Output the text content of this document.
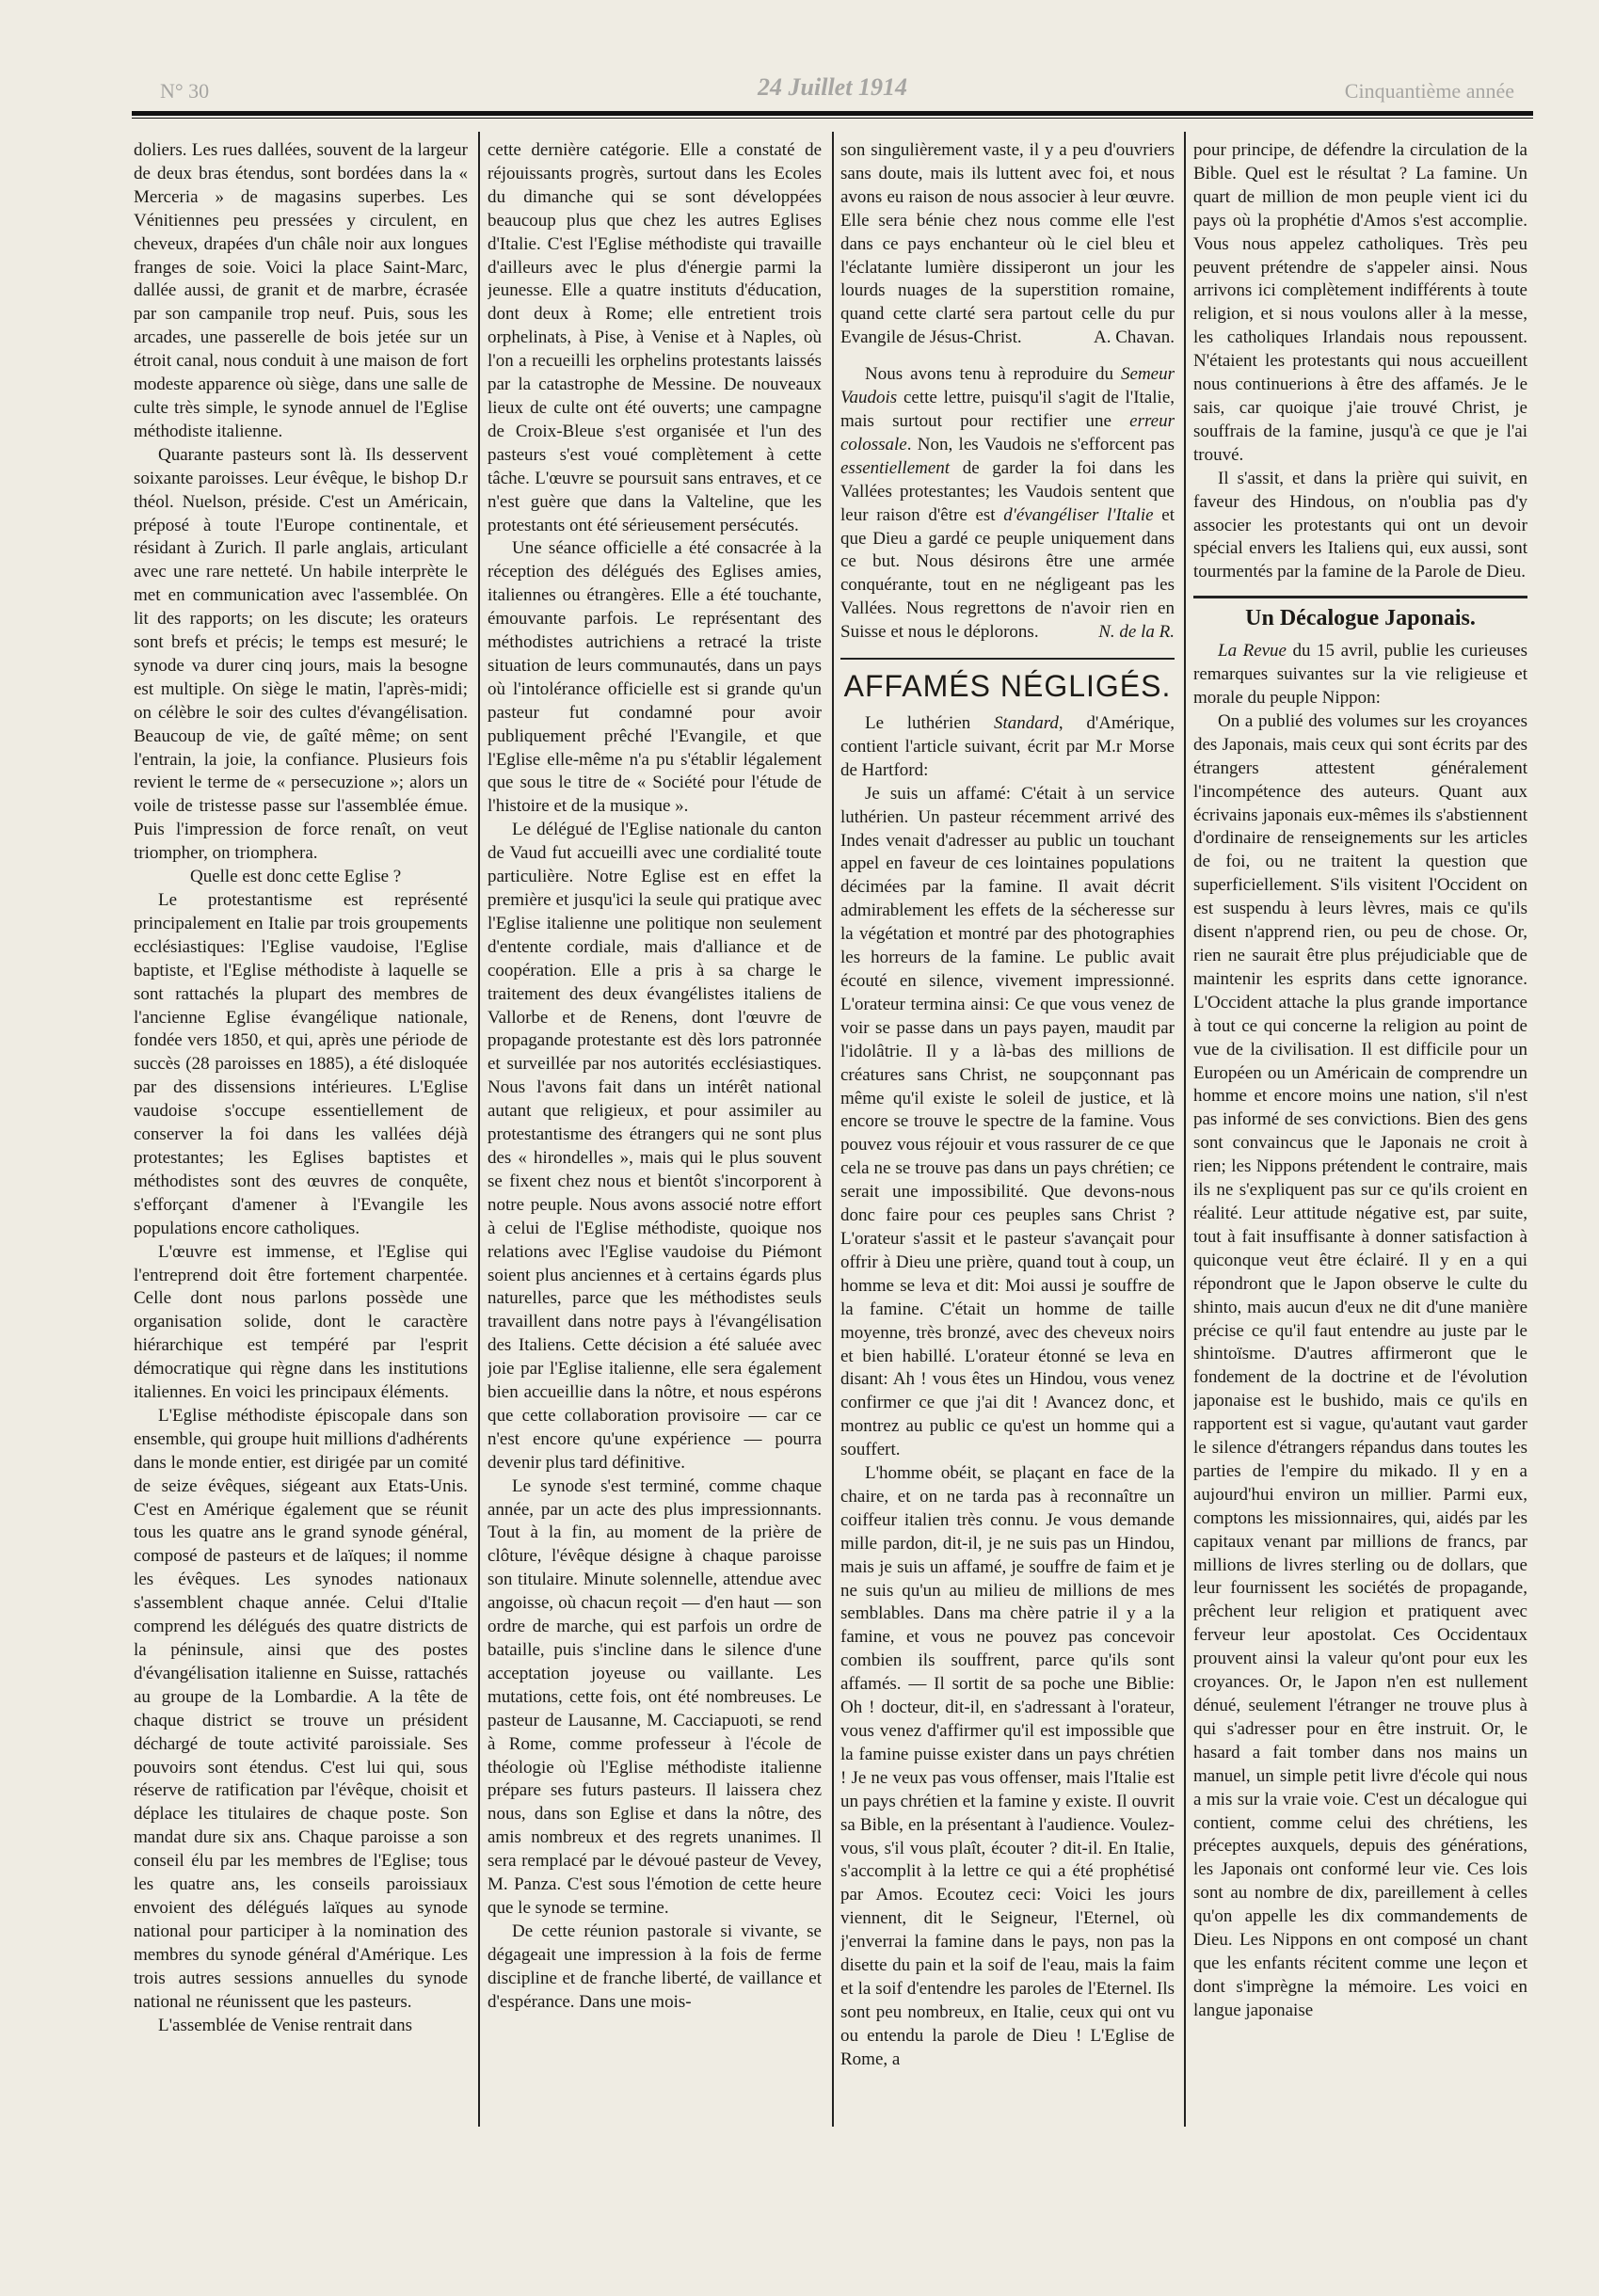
N° 30	24 Juillet 1914	Cinquantième année

doliers. Les rues dallées, souvent de la largeur de deux bras étendus, sont bordées dans la « Merceria » de magasins superbes. Les Vénitiennes peu pressées y circulent, en cheveux, drapées d'un châle noir aux longues franges de soie. Voici la place Saint-Marc, dallée aussi, de granit et de marbre, écrasée par son campanile trop neuf. Puis, sous les arcades, une passerelle de bois jetée sur un étroit canal, nous conduit à une maison de fort modeste apparence où siège, dans une salle de culte très simple, le synode annuel de l'Eglise méthodiste italienne.

Quarante pasteurs sont là. Ils desservent soixante paroisses. Leur évêque, le bishop D.r théol. Nuelson, préside. C'est un Américain, préposé à toute l'Europe continentale, et résidant à Zurich. Il parle anglais, articulant avec une rare netteté. Un habile interprète le met en communication avec l'assemblée. On lit des rapports; on les discute; les orateurs sont brefs et précis; le temps est mesuré; le synode va durer cinq jours, mais la besogne est multiple. On siège le matin, l'après-midi; on célèbre le soir des cultes d'évangélisation. Beaucoup de vie, de gaîté même; on sent l'entrain, la joie, la confiance. Plusieurs fois revient le terme de « persecuzione »; alors un voile de tristesse passe sur l'assemblée émue. Puis l'impression de force renaît, on veut triompher, on triomphera.

Quelle est donc cette Eglise ?

Le protestantisme est représenté principalement en Italie par trois groupements ecclésiastiques: l'Eglise vaudoise, l'Eglise baptiste, et l'Eglise méthodiste à laquelle se sont rattachés la plupart des membres de l'ancienne Eglise évangélique nationale, fondée vers 1850, et qui, après une période de succès (28 paroisses en 1885), a été disloquée par des dissensions intérieures. L'Eglise vaudoise s'occupe essentiellement de conserver la foi dans les vallées déjà protestantes; les Eglises baptistes et méthodistes sont des œuvres de conquête, s'efforçant d'amener à l'Evangile les populations encore catholiques.

L'œuvre est immense, et l'Eglise qui l'entreprend doit être fortement charpentée. Celle dont nous parlons possède une organisation solide, dont le caractère hiérarchique est tempéré par l'esprit démocratique qui règne dans les institutions italiennes. En voici les principaux éléments.

L'Eglise méthodiste épiscopale dans son ensemble, qui groupe huit millions d'adhérents dans le monde entier, est dirigée par un comité de seize évêques, siégeant aux Etats-Unis. C'est en Amérique également que se réunit tous les quatre ans le grand synode général, composé de pasteurs et de laïques; il nomme les évêques. Les synodes nationaux s'assemblent chaque année. Celui d'Italie comprend les délégués des quatre districts de la péninsule, ainsi que des postes d'évangélisation italienne en Suisse, rattachés au groupe de la Lombardie. A la tête de chaque district se trouve un président déchargé de toute activité paroissiale. Ses pouvoirs sont étendus. C'est lui qui, sous réserve de ratification par l'évêque, choisit et déplace les titulaires de chaque poste. Son mandat dure six ans. Chaque paroisse a son conseil élu par les membres de l'Eglise; tous les quatre ans, les conseils paroissiaux envoient des délégués laïques au synode national pour participer à la nomination des membres du synode général d'Amérique. Les trois autres sessions annuelles du synode national ne réunissent que les pasteurs.

L'assemblée de Venise rentrait dans

cette dernière catégorie. Elle a constaté de réjouissants progrès, surtout dans les Ecoles du dimanche qui se sont développées beaucoup plus que chez les autres Eglises d'Italie. C'est l'Eglise méthodiste qui travaille d'ailleurs avec le plus d'énergie parmi la jeunesse. Elle a quatre instituts d'éducation, dont deux à Rome; elle entretient trois orphelinats, à Pise, à Venise et à Naples, où l'on a recueilli les orphelins protestants laissés par la catastrophe de Messine. De nouveaux lieux de culte ont été ouverts; une campagne de Croix-Bleue s'est organisée et l'un des pasteurs s'est voué complètement à cette tâche. L'œuvre se poursuit sans entraves, et ce n'est guère que dans la Valteline, que les protestants ont été sérieusement persécutés.

Une séance officielle a été consacrée à la réception des délégués des Eglises amies, italiennes ou étrangères. Elle a été touchante, émouvante parfois. Le représentant des méthodistes autrichiens a retracé la triste situation de leurs communautés, dans un pays où l'intolérance officielle est si grande qu'un pasteur fut condamné pour avoir publiquement prêché l'Evangile, et que l'Eglise elle-même n'a pu s'établir légalement que sous le titre de « Société pour l'étude de l'histoire et de la musique ».

Le délégué de l'Eglise nationale du canton de Vaud fut accueilli avec une cordialité toute particulière. Notre Eglise est en effet la première et jusqu'ici la seule qui pratique avec l'Eglise italienne une politique non seulement d'entente cordiale, mais d'alliance et de coopération. Elle a pris à sa charge le traitement des deux évangélistes italiens de Vallorbe et de Renens, dont l'œuvre de propagande protestante est dès lors patronnée et surveillée par nos autorités ecclésiastiques. Nous l'avons fait dans un intérêt national autant que religieux, et pour assimiler au protestantisme des étrangers qui ne sont plus des « hirondelles », mais qui le plus souvent se fixent chez nous et bientôt s'incorporent à notre peuple. Nous avons associé notre effort à celui de l'Eglise méthodiste, quoique nos relations avec l'Eglise vaudoise du Piémont soient plus anciennes et à certains égards plus naturelles, parce que les méthodistes seuls travaillent dans notre pays à l'évangélisation des Italiens. Cette décision a été saluée avec joie par l'Eglise italienne, elle sera également bien accueillie dans la nôtre, et nous espérons que cette collaboration provisoire — car ce n'est encore qu'une expérience — pourra devenir plus tard définitive.

Le synode s'est terminé, comme chaque année, par un acte des plus impressionnants. Tout à la fin, au moment de la prière de clôture, l'évêque désigne à chaque paroisse son titulaire. Minute solennelle, attendue avec angoisse, où chacun reçoit — d'en haut — son ordre de marche, qui est parfois un ordre de bataille, puis s'incline dans le silence d'une acceptation joyeuse ou vaillante. Les mutations, cette fois, ont été nombreuses. Le pasteur de Lausanne, M. Cacciapuoti, se rend à Rome, comme professeur à l'école de théologie où l'Eglise méthodiste italienne prépare ses futurs pasteurs. Il laissera chez nous, dans son Eglise et dans la nôtre, des amis nombreux et des regrets unanimes. Il sera remplacé par le dévoué pasteur de Vevey, M. Panza. C'est sous l'émotion de cette heure que le synode se termine.

De cette réunion pastorale si vivante, se dégageait une impression à la fois de ferme discipline et de franche liberté, de vaillance et d'espérance. Dans une mois-

son singulièrement vaste, il y a peu d'ouvriers sans doute, mais ils luttent avec foi, et nous avons eu raison de nous associer à leur œuvre. Elle sera bénie chez nous comme elle l'est dans ce pays enchanteur où le ciel bleu et l'éclatante lumière dissiperont un jour les lourds nuages de la superstition romaine, quand cette clarté sera partout celle du pur Evangile de Jésus-Christ.	A. Chavan.

Nous avons tenu à reproduire du Semeur Vaudois cette lettre, puisqu'il s'agit de l'Italie, mais surtout pour rectifier une erreur colossale. Non, les Vaudois ne s'efforcent pas essentiellement de garder la foi dans les Vallées protestantes; les Vaudois sentent que leur raison d'être est d'évangéliser l'Italie et que Dieu a gardé ce peuple uniquement dans ce but. Nous désirons être une armée conquérante, tout en ne négligeant pas les Vallées. Nous regrettons de n'avoir rien en Suisse et nous le déplorons.	N. de la R.

AFFAMÉS NÉGLIGÉS.

Le luthérien Standard, d'Amérique, contient l'article suivant, écrit par M.r Morse de Hartford:

Je suis un affamé: C'était à un service luthérien. Un pasteur récemment arrivé des Indes venait d'adresser au public un touchant appel en faveur de ces lointaines populations décimées par la famine. Il avait décrit admirablement les effets de la sécheresse sur la végétation et montré par des photographies les horreurs de la famine. Le public avait écouté en silence, vivement impressionné. L'orateur termina ainsi: Ce que vous venez de voir se passe dans un pays payen, maudit par l'idolâtrie. Il y a là-bas des millions de créatures sans Christ, ne soupçonnant pas même qu'il existe le soleil de justice, et là encore se trouve le spectre de la famine. Vous pouvez vous réjouir et vous rassurer de ce que cela ne se trouve pas dans un pays chrétien; ce serait une impossibilité. Que devons-nous donc faire pour ces peuples sans Christ ? L'orateur s'assit et le pasteur s'avançait pour offrir à Dieu une prière, quand tout à coup, un homme se leva et dit: Moi aussi je souffre de la famine. C'était un homme de taille moyenne, très bronzé, avec des cheveux noirs et bien habillé. L'orateur étonné se leva en disant: Ah ! vous êtes un Hindou, vous venez confirmer ce que j'ai dit ! Avancez donc, et montrez au public ce qu'est un homme qui a souffert.

L'homme obéit, se plaçant en face de la chaire, et on ne tarda pas à reconnaître un coiffeur italien très connu. Je vous demande mille pardon, dit-il, je ne suis pas un Hindou, mais je suis un affamé, je souffre de faim et je ne suis qu'un au milieu de millions de mes semblables. Dans ma chère patrie il y a la famine, et vous ne pouvez pas concevoir combien ils souffrent, parce qu'ils sont affamés. — Il sortit de sa poche une Biblie: Oh ! docteur, dit-il, en s'adressant à l'orateur, vous venez d'affirmer qu'il est impossible que la famine puisse exister dans un pays chrétien ! Je ne veux pas vous offenser, mais l'Italie est un pays chrétien et la famine y existe. Il ouvrit sa Bible, en la présentant à l'audience. Voulez-vous, s'il vous plaît, écouter ? dit-il. En Italie, s'accomplit à la lettre ce qui a été prophétisé par Amos. Ecoutez ceci: Voici les jours viennent, dit le Seigneur, l'Eternel, où j'enverrai la famine dans le pays, non pas la disette du pain et la soif de l'eau, mais la faim et la soif d'entendre les paroles de l'Eternel. Ils sont peu nombreux, en Italie, ceux qui ont vu ou entendu la parole de Dieu ! L'Eglise de Rome, a

pour principe, de défendre la circulation de la Bible. Quel est le résultat ? La famine. Un quart de million de mon peuple vient ici du pays où la prophétie d'Amos s'est accomplie. Vous nous appelez catholiques. Très peu peuvent prétendre de s'appeler ainsi. Nous arrivons ici complètement indifférents à toute religion, et si nous voulons aller à la messe, les catholiques Irlandais nous repoussent. N'étaient les protestants qui nous accueillent nous continuerions à être des affamés. Je le sais, car quoique j'aie trouvé Christ, je souffrais de la famine, jusqu'à ce que je l'ai trouvé.

Il s'assit, et dans la prière qui suivit, en faveur des Hindous, on n'oublia pas d'y associer les protestants qui ont un devoir spécial envers les Italiens qui, eux aussi, sont tourmentés par la famine de la Parole de Dieu.

Un Décalogue Japonais.

La Revue du 15 avril, publie les curieuses remarques suivantes sur la vie religieuse et morale du peuple Nippon:

On a publié des volumes sur les croyances des Japonais, mais ceux qui sont écrits par des étrangers attestent généralement l'incompétence des auteurs. Quant aux écrivains japonais eux-mêmes ils s'abstiennent d'ordinaire de renseignements sur les articles de foi, ou ne traitent la question que superficiellement. S'ils visitent l'Occident on est suspendu à leurs lèvres, mais ce qu'ils disent n'apprend rien, ou peu de chose. Or, rien ne saurait être plus préjudiciable que de maintenir les esprits dans cette ignorance. L'Occident attache la plus grande importance à tout ce qui concerne la religion au point de vue de la civilisation. Il est difficile pour un Européen ou un Américain de comprendre un homme et encore moins une nation, s'il n'est pas informé de ses convictions. Bien des gens sont convaincus que le Japonais ne croit à rien; les Nippons prétendent le contraire, mais ils ne s'expliquent pas sur ce qu'ils croient en réalité. Leur attitude négative est, par suite, tout à fait insuffisante à donner satisfaction à quiconque veut être éclairé. Il y en a qui répondront que le Japon observe le culte du shinto, mais aucun d'eux ne dit d'une manière précise ce qu'il faut entendre au juste par le shintoïsme. D'autres affirmeront que le fondement de la doctrine et de l'évolution japonaise est le bushido, mais ce qu'ils en rapportent est si vague, qu'autant vaut garder le silence d'étrangers répandus dans toutes les parties de l'empire du mikado. Il y en a aujourd'hui environ un millier. Parmi eux, comptons les missionnaires, qui, aidés par les capitaux venant par millions de francs, par millions de livres sterling ou de dollars, que leur fournissent les sociétés de propagande, prêchent leur religion et pratiquent avec ferveur leur apostolat. Ces Occidentaux prouvent ainsi la valeur qu'ont pour eux les croyances. Or, le Japon n'en est nullement dénué, seulement l'étranger ne trouve plus à qui s'adresser pour en être instruit. Or, le hasard a fait tomber dans nos mains un manuel, un simple petit livre d'école qui nous a mis sur la vraie voie. C'est un décalogue qui contient, comme celui des chrétiens, les préceptes auxquels, depuis des générations, les Japonais ont conformé leur vie. Ces lois sont au nombre de dix, pareillement à celles qu'on appelle les dix commandements de Dieu. Les Nippons en ont composé un chant que les enfants récitent comme une leçon et dont s'imprègne la mémoire. Les voici en langue japonaise
